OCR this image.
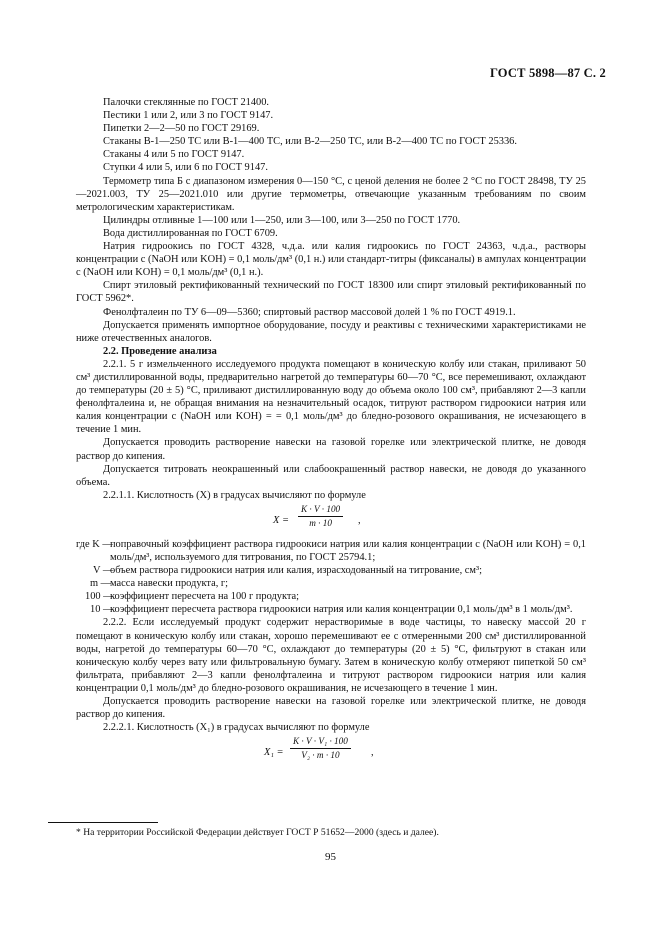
ГОСТ 5898—87 С. 2

Палочки стеклянные по ГОСТ 21400.

Пестики 1 или 2, или 3 по ГОСТ 9147.

Пипетки 2—2—50 по ГОСТ 29169.

Стаканы В-1—250 ТС или В-1—400 ТС, или В-2—250 ТС, или В-2—400 ТС по ГОСТ 25336.

Стаканы 4 или 5 по ГОСТ 9147.

Ступки 4 или 5, или 6 по ГОСТ 9147.

Термометр типа Б с диапазоном измерения 0—150 °С, с ценой деления не более 2 °С по ГОСТ 28498, ТУ 25—2021.003, ТУ 25—2021.010 или другие термометры, отвечающие указанным требованиям по своим метрологическим характеристикам.

Цилиндры отливные 1—100 или 1—250, или 3—100, или 3—250 по ГОСТ 1770.

Вода дистиллированная по ГОСТ 6709.

Натрия гидроокись по ГОСТ 4328, ч.д.а. или калия гидроокись по ГОСТ 24363, ч.д.а., растворы концентрации c (NaOH или KOH) = 0,1 моль/дм³ (0,1 н.) или стандарт-титры (фиксаналы) в ампулах концентрации c (NaOH или KOH) = 0,1 моль/дм³ (0,1 н.).

Спирт этиловый ректификованный технический по ГОСТ 18300 или спирт этиловый ректификованный по ГОСТ 5962*.

Фенолфталеин по ТУ 6—09—5360; спиртовый раствор массовой долей 1 % по ГОСТ 4919.1.

Допускается применять импортное оборудование, посуду и реактивы с техническими характеристиками не ниже отечественных аналогов.

2.2. Проведение анализа

2.2.1. 5 г измельченного исследуемого продукта помещают в коническую колбу или стакан, приливают 50 см³ дистиллированной воды, предварительно нагретой до температуры 60—70 °С, все перемешивают, охлаждают до температуры (20 ± 5) °С, приливают дистиллированную воду до объема около 100 см³, прибавляют 2—3 капли фенолфталеина и, не обращая внимания на незначительный осадок, титруют раствором гидроокиси натрия или калия концентрации c (NaOH или KOH) = = 0,1 моль/дм³ до бледно-розового окрашивания, не исчезающего в течение 1 мин.

Допускается проводить растворение навески на газовой горелке или электрической плитке, не доводя раствор до кипения.

Допускается титровать неокрашенный или слабоокрашенный раствор навески, не доводя до указанного объема.

2.2.1.1. Кислотность (X) в градусах вычисляют по формуле

$X = \frac{K \cdot V \cdot 100}{m \cdot 10}$ ,
где K —
поправочный коэффициент раствора гидроокиси натрия или калия концентрации c (NaOH или KOH) = 0,1 моль/дм³, используемого для титрования, по ГОСТ 25794.1;
V —
объем раствора гидроокиси натрия или калия, израсходованный на титрование, см³;
m —
масса навески продукта, г;
100 —
коэффициент пересчета на 100 г продукта;
10 —
коэффициент пересчета раствора гидроокиси натрия или калия концентрации 0,1 моль/дм³ в 1 моль/дм³.

2.2.2. Если исследуемый продукт содержит нерастворимые в воде частицы, то навеску массой 20 г помещают в коническую колбу или стакан, хорошо перемешивают ее с отмеренными 200 см³ дистиллированной воды, нагретой до температуры 60—70 °С, охлаждают до температуры (20 ± 5) °С, фильтруют в стакан или коническую колбу через вату или фильтровальную бумагу. Затем в коническую колбу отмеряют пипеткой 50 см³ фильтрата, прибавляют 2—3 капли фенолфталеина и титруют раствором гидроокиси натрия или калия концентрации 0,1 моль/дм³ до бледно-розового окрашивания, не исчезающего в течение 1 мин.

Допускается проводить растворение навески на газовой горелке или электрической плитке, не доводя раствор до кипения.

2.2.2.1. Кислотность (X₁) в градусах вычисляют по формуле

$X_1 = \frac{\text{K · V · V₁ · 100}}{\text{V₂ · m · 10}}$ ,
* На территории Российской Федерации действует ГОСТ Р 51652—2000 (здесь и далее).
95
